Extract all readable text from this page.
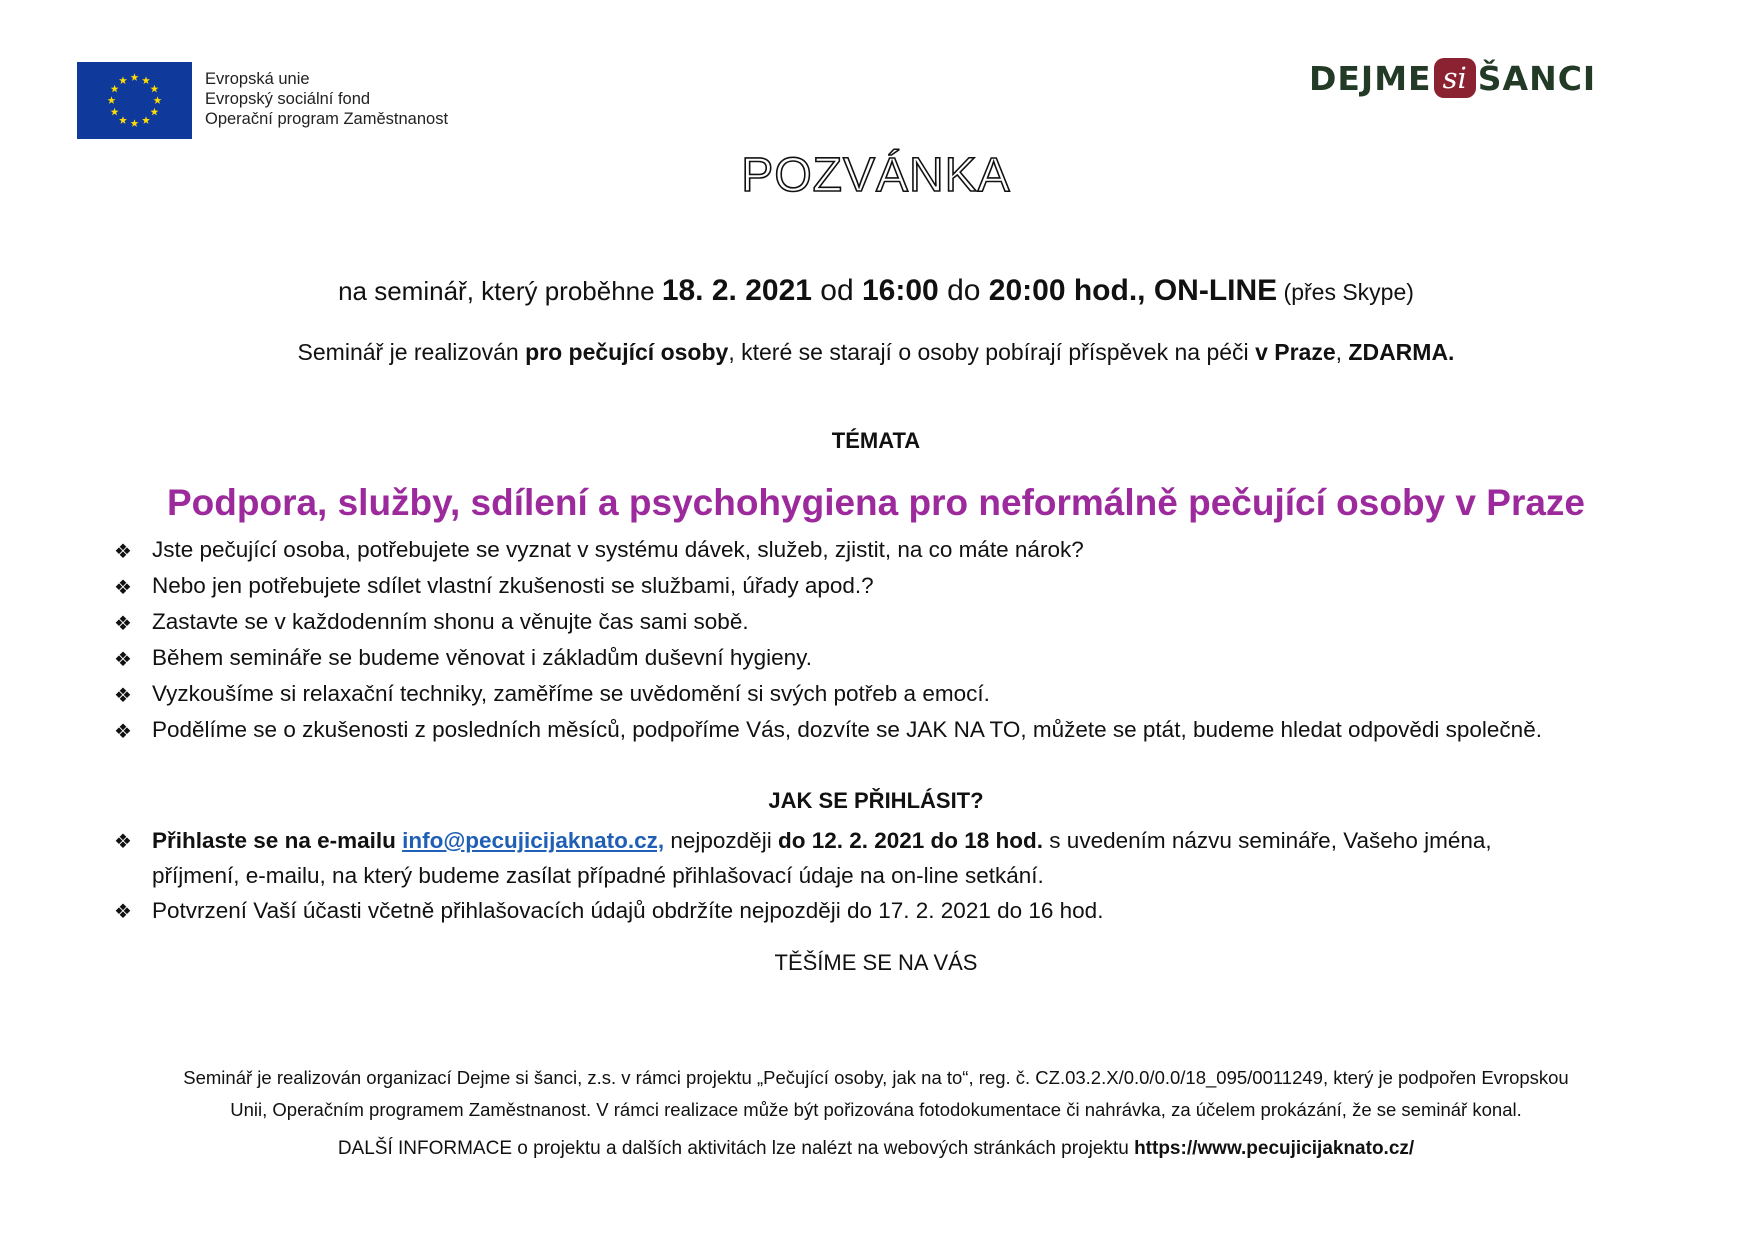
Evropská unie
Evropský sociální fond
Operační program Zaměstnanost
DEJME si ŠANCI
POZVÁNKA
na seminář, který proběhne 18. 2. 2021 od 16:00 do 20:00 hod., ON-LINE (přes Skype)
Seminář je realizován pro pečující osoby, které se starají o osoby pobírají příspěvek na péči v Praze, ZDARMA.
TÉMATA
Podpora, služby, sdílení a psychohygiena pro neformálně pečující osoby v Praze
❖ Jste pečující osoba, potřebujete se vyznat v systému dávek, služeb, zjistit, na co máte nárok?
❖ Nebo jen potřebujete sdílet vlastní zkušenosti se službami, úřady apod.?
❖ Zastavte se v každodenním shonu a věnujte čas sami sobě.
❖ Během semináře se budeme věnovat i základům duševní hygieny.
❖ Vyzkoušíme si relaxační techniky, zaměříme se uvědomění si svých potřeb a emocí.
❖ Podělíme se o zkušenosti z posledních měsíců, podpoříme Vás, dozvíte se JAK NA TO, můžete se ptát, budeme hledat odpovědi společně.
JAK SE PŘIHLÁSIT?
❖ Přihlaste se na e-mailu info@pecujicijaknato.cz, nejpozději do 12. 2. 2021 do 18 hod. s uvedením názvu semináře, Vašeho jména,
příjmení, e-mailu, na který budeme zasílat případné přihlašovací údaje na on-line setkání.
❖ Potvrzení Vaší účasti včetně přihlašovacích údajů obdržíte nejpozději do 17. 2. 2021 do 16 hod.
TĚŠÍME SE NA VÁS
Seminář je realizován organizací Dejme si šanci, z.s. v rámci projektu „Pečující osoby, jak na to“, reg. č. CZ.03.2.X/0.0/0.0/18_095/0011249, který je podpořen Evropskou
Unii, Operačním programem Zaměstnanost. V rámci realizace může být pořizována fotodokumentace či nahrávka, za účelem prokázání, že se seminář konal.
DALŠÍ INFORMACE o projektu a dalších aktivitách lze nalézt na webových stránkách projektu https://www.pecujicijaknato.cz/
